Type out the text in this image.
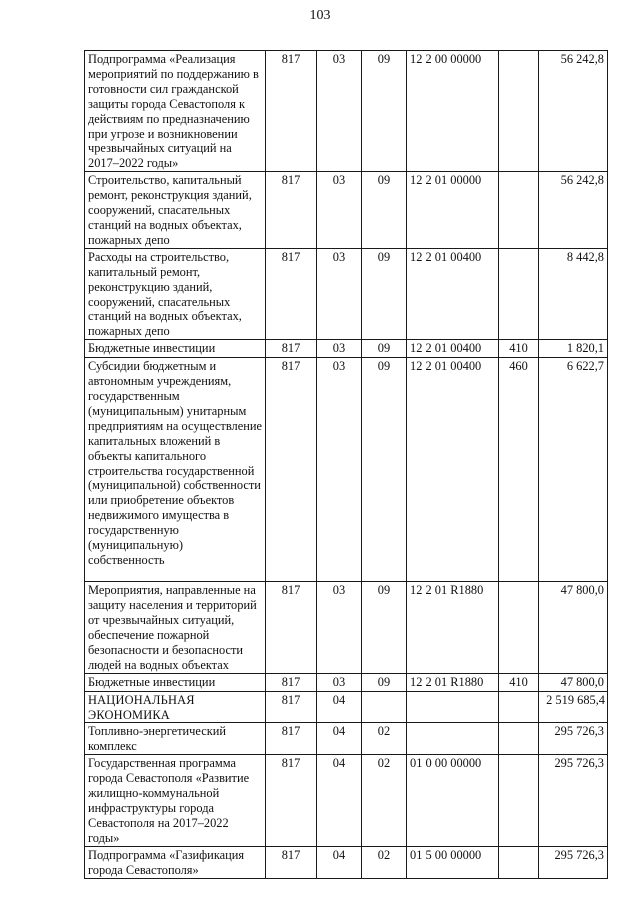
103
Подпрограмма «Реализация мероприятий по поддержанию в готовности сил гражданской защиты города Севастополя к действиям по предназначению при угрозе и возникновении чрезвычайных ситуаций на 2017–2022 годы»	817	03	09	12 2 00 00000		56 242,8
Строительство, капитальный ремонт, реконструкция зданий, сооружений, спасательных станций на водных объектах, пожарных депо	817	03	09	12 2 01 00000		56 242,8
Расходы на строительство, капитальный ремонт, реконструкцию зданий, сооружений, спасательных станций на водных объектах, пожарных депо	817	03	09	12 2 01 00400		8 442,8
Бюджетные инвестиции	817	03	09	12 2 01 00400	410	1 820,1
Субсидии бюджетным и автономным учреждениям, государственным (муниципальным) унитарным предприятиям на осуществление капитальных вложений в объекты капитального строительства государственной (муниципальной) собственности или приобретение объектов недвижимого имущества в государственную (муниципальную) собственность	817	03	09	12 2 01 00400	460	6 622,7
Мероприятия, направленные на защиту населения и территорий от чрезвычайных ситуаций, обеспечение пожарной безопасности и безопасности людей на водных объектах	817	03	09	12 2 01 R1880		47 800,0
Бюджетные инвестиции	817	03	09	12 2 01 R1880	410	47 800,0
НАЦИОНАЛЬНАЯ ЭКОНОМИКА	817	04				2 519 685,4
Топливно-энергетический комплекс	817	04	02			295 726,3
Государственная программа города Севастополя «Развитие жилищно-коммунальной инфраструктуры города Севастополя на 2017–2022 годы»	817	04	02	01 0 00 00000		295 726,3
Подпрограмма «Газификация города Севастополя»	817	04	02	01 5 00 00000		295 726,3
